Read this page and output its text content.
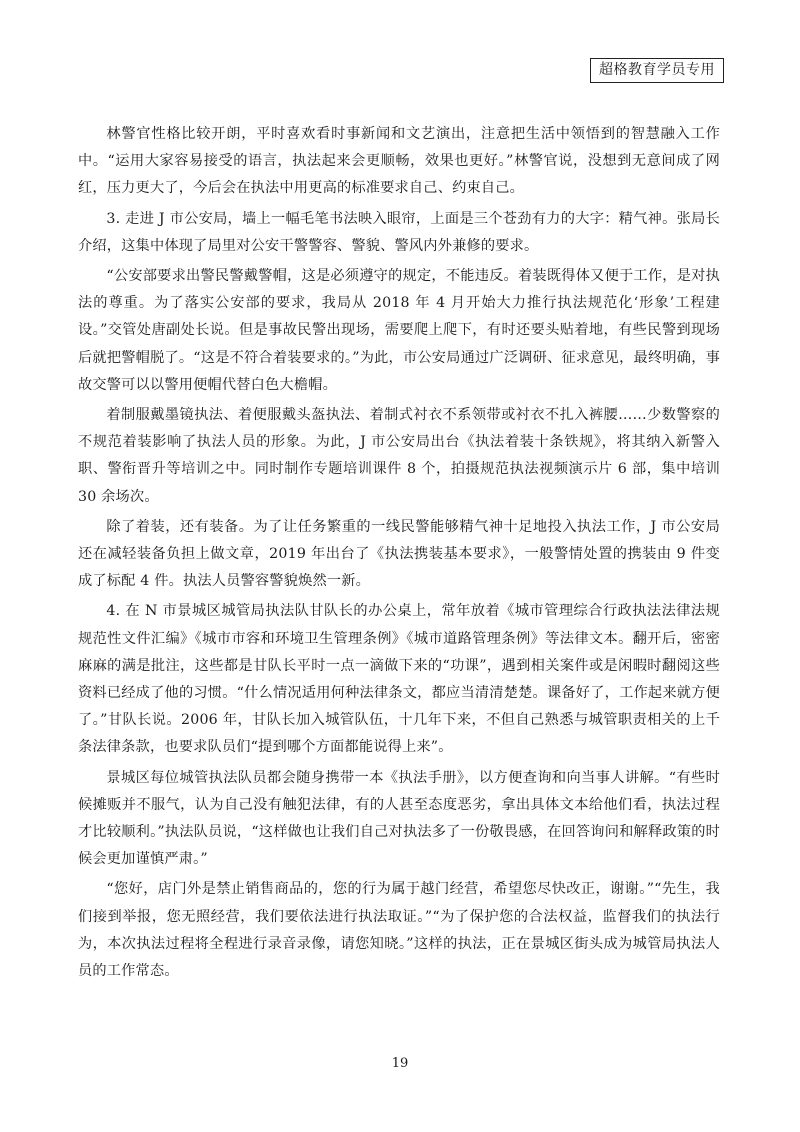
超格教育学员专用

林警官性格比较开朗，平时喜欢看时事新闻和文艺演出，注意把生活中领悟到的智慧融入工作中。“运用大家容易接受的语言，执法起来会更顺畅，效果也更好。”林警官说，没想到无意间成了网红，压力更大了，今后会在执法中用更高的标准要求自己、约束自己。

3. 走进 J 市公安局，墙上一幅毛笔书法映入眼帘，上面是三个苍劲有力的大字：精气神。张局长介绍，这集中体现了局里对公安干警警容、警貌、警风内外兼修的要求。

“公安部要求出警民警戴警帽，这是必须遵守的规定，不能违反。着装既得体又便于工作，是对执法的尊重。为了落实公安部的要求，我局从 2018 年 4 月开始大力推行执法规范化‘形象’工程建设。”交管处唐副处长说。但是事故民警出现场，需要爬上爬下，有时还要头贴着地，有些民警到现场后就把警帽脱了。“这是不符合着装要求的。”为此，市公安局通过广泛调研、征求意见，最终明确，事故交警可以以警用便帽代替白色大檐帽。

着制服戴墨镜执法、着便服戴头盔执法、着制式衬衣不系领带或衬衣不扎入裤腰……少数警察的不规范着装影响了执法人员的形象。为此，J 市公安局出台《执法着装十条铁规》，将其纳入新警入职、警衔晋升等培训之中。同时制作专题培训课件 8 个，拍摄规范执法视频演示片 6 部，集中培训 30 余场次。

除了着装，还有装备。为了让任务繁重的一线民警能够精气神十足地投入执法工作，J 市公安局还在减轻装备负担上做文章，2019 年出台了《执法携装基本要求》，一般警情处置的携装由 9 件变成了标配 4 件。执法人员警容警貌焕然一新。

4. 在 N 市景城区城管局执法队甘队长的办公桌上，常年放着《城市管理综合行政执法法律法规规范性文件汇编》《城市市容和环境卫生管理条例》《城市道路管理条例》等法律文本。翻开后，密密麻麻的满是批注，这些都是甘队长平时一点一滴做下来的“功课”，遇到相关案件或是闲暇时翻阅这些资料已经成了他的习惯。“什么情况适用何种法律条文，都应当清清楚楚。课备好了，工作起来就方便了。”甘队长说。2006 年，甘队长加入城管队伍，十几年下来，不但自己熟悉与城管职责相关的上千条法律条款，也要求队员们“提到哪个方面都能说得上来”。

景城区每位城管执法队员都会随身携带一本《执法手册》，以方便查询和向当事人讲解。“有些时候摊贩并不服气，认为自己没有触犯法律，有的人甚至态度恶劣，拿出具体文本给他们看，执法过程才比较顺利。”执法队员说，“这样做也让我们自己对执法多了一份敬畏感，在回答询问和解释政策的时候会更加谨慎严肃。”

“您好，店门外是禁止销售商品的，您的行为属于越门经营，希望您尽快改正，谢谢。”“先生，我们接到举报，您无照经营，我们要依法进行执法取证。”“为了保护您的合法权益，监督我们的执法行为，本次执法过程将全程进行录音录像，请您知晓。”这样的执法，正在景城区街头成为城管局执法人员的工作常态。

19
